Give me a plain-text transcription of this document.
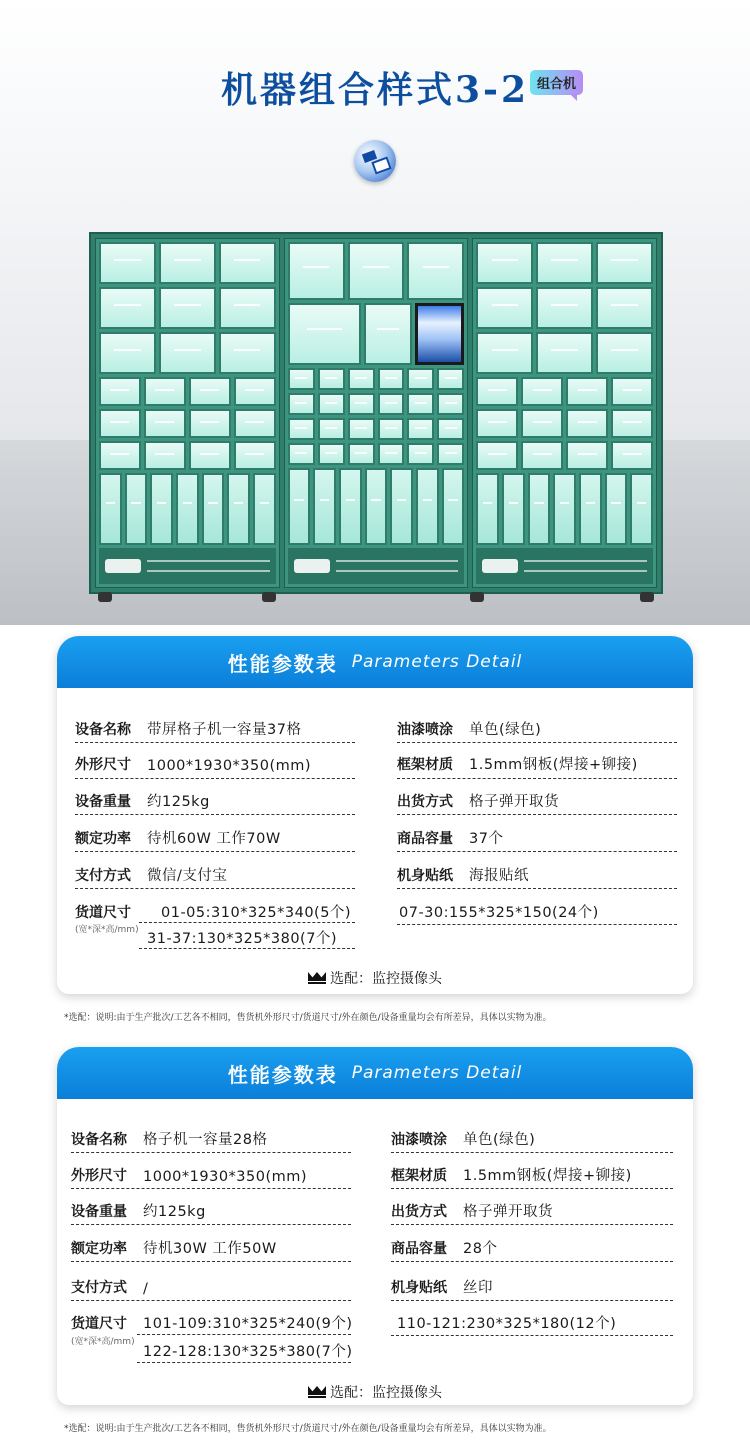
机器组合样式3-2 组合机
性能参数表 Parameters Detail
设备名称	带屏格子机一容量37格
外形尺寸	1000*1930*350(mm)
设备重量	约125kg
额定功率	待机60W 工作70W
支付方式	微信/支付宝
油漆喷涂	单色(绿色)
框架材质	1.5mm钢板(焊接+铆接)
出货方式	格子弹开取货
商品容量	37个
机身贴纸	海报贴纸
货道尺寸	01-05:310*325*340(5个)
(宽*深*高/mm)
31-37:130*325*380(7个)
07-30:155*325*150(24个)
选配：监控摄像头
*选配：说明:由于生产批次/工艺各不相同，售货机外形尺寸/货道尺寸/外在颜色/设备重量均会有所差异，具体以实物为准。
性能参数表 Parameters Detail
设备名称	格子机一容量28格
外形尺寸	1000*1930*350(mm)
设备重量	约125kg
额定功率	待机30W 工作50W
支付方式	/
油漆喷涂	单色(绿色)
框架材质	1.5mm钢板(焊接+铆接)
出货方式	格子弹开取货
商品容量	28个
机身贴纸	丝印
货道尺寸	101-109:310*325*240(9个)
(宽*深*高/mm)
122-128:130*325*380(7个)
110-121:230*325*180(12个)
选配：监控摄像头
*选配：说明:由于生产批次/工艺各不相同，售货机外形尺寸/货道尺寸/外在颜色/设备重量均会有所差异，具体以实物为准。
